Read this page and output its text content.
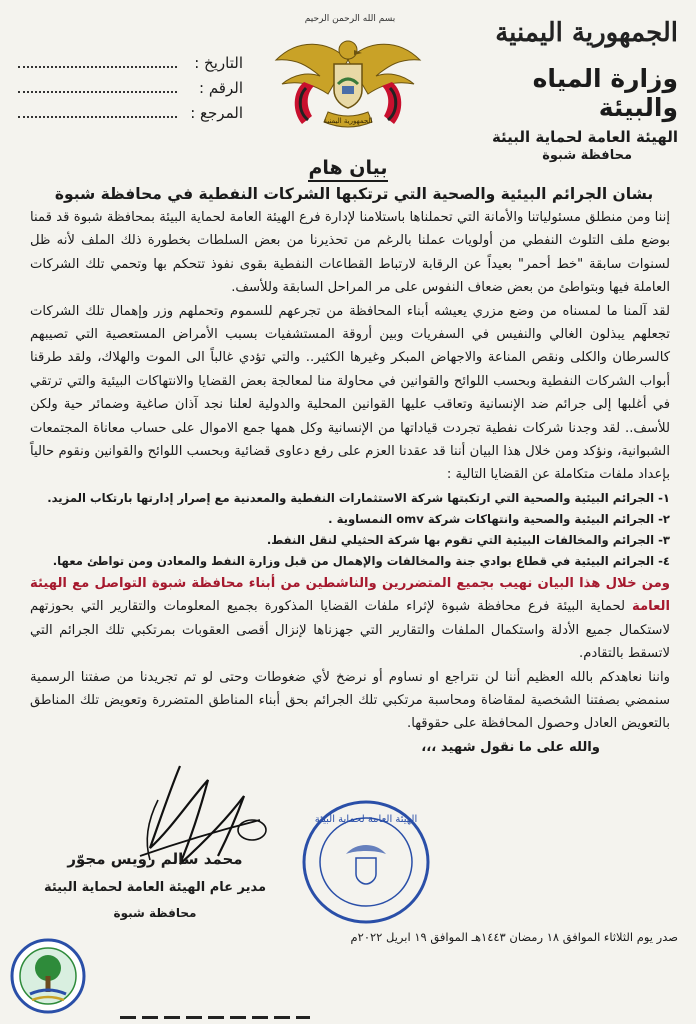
الجمهورية اليمنية
وزارة المياه والبيئة
الهيئة العامة لحماية البيئة
محافظة شبوة
بسم الله الرحمن الرحيم
الجمهورية اليمنية
التاريخ :
الرقم :
المرجع :
بيان هام
بشان الجرائم البيئية والصحية التي ترتكبها الشركات النفطية في محافظة شبوة

إننا ومن منطلق مسئولياتنا والأمانة التي تحملناها باستلامنا لإدارة فرع الهيئة العامة لحماية البيئة بمحافظة شبوة قد قمنا بوضع ملف التلوث النفطي من أولويات عملنا بالرغم من تحذيرنا من بعض السلطات بخطورة ذلك الملف لأنه ظل لسنوات سابقة "خط أحمر" بعيداً عن الرقابة لارتباط القطاعات النفطية بقوى نفوذ تتحكم بها وتحمي تلك الشركات العاملة فيها وبتواطئ من بعض ضعاف النفوس على مر المراحل السابقة وللأسف.

لقد آلمنا ما لمسناه من وضع مزري يعيشه أبناء المحافظة من تجرعهم للسموم وتحملهم وزر وإهمال تلك الشركات تجعلهم يبذلون الغالي والنفيس في السفريات وبين أروقة المستشفيات بسبب الأمراض المستعصية التي تصيبهم كالسرطان والكلى ونقص المناعة والاجهاض المبكر وغيرها الكثير.. والتي تؤدي غالباً الى الموت والهلاك، ولقد طرقنا أبواب الشركات النفطية وبحسب اللوائح والقوانين في محاولة منا لمعالجة بعض القضايا والانتهاكات البيئية والتي ترتقي في أغلبها إلى جرائم ضد الإنسانية وتعاقب عليها القوانين المحلية والدولية لعلنا نجد آذان صاغية وضمائر حية ولكن للأسف.. لقد وجدنا شركات نفطية تجردت قياداتها من الإنسانية وكل همها جمع الاموال على حساب معاناة المجتمعات الشبوانية، ونؤكد ومن خلال هذا البيان أننا قد عقدنا العزم على رفع دعاوى قضائية وبحسب اللوائح والقوانين ونقوم حالياً بإعداد ملفات متكاملة عن القضايا التالية :

١- الجرائم البيئية والصحية التي ارتكبتها شركة الاستثمارات النفطية والمعدنية مع إصرار إدارتها بارتكاب المزيد.
٢- الجرائم البيئية والصحية وانتهاكات شركة omv النمساوية .
٣- الجرائم والمخالفات البيئية التي تقوم بها شركة الحثيلي لنقل النفط.
٤- الجرائم البيئية في قطاع بوادي جنة والمخالفات والإهمال من قبل وزارة النفط والمعادن ومن تواطئ معها.

ومن خلال هذا البيان نهيب بجميع المتضررين والناشطين من أبناء محافظة شبوة التواصل مع الهيئة العامة لحماية البيئة فرع محافظة شبوة لإثراء ملفات القضايا المذكورة بجميع المعلومات والتقارير التي بحوزتهم لاستكمال جميع الأدلة واستكمال الملفات والتقارير التي جهزناها لإنزال أقصى العقوبات بمرتكبي تلك الجرائم التي لاتسقط بالتقادم.

واننا نعاهدكم بالله العظيم أننا لن نتراجع او نساوم أو نرضخ لأي ضغوطات وحتى لو تم تجريدنا من صفتنا الرسمية سنمضي بصفتنا الشخصية لمقاضاة ومحاسبة مرتكبي تلك الجرائم بحق أبناء المناطق المتضررة وتعويض تلك المناطق بالتعويض العادل وحصول المحافظة على حقوقها.

والله على ما نقول شهيد ،،،

الهيئة العامة لحماية البيئة
محمد سالم رويس مجوّر
مدير عام الهيئة العامة لحماية البيئة
محافظة شبوة
صدر يوم الثلاثاء الموافق ١٨ رمضان ١٤٤٣هـ الموافق ١٩ ابريل ٢٠٢٢م
